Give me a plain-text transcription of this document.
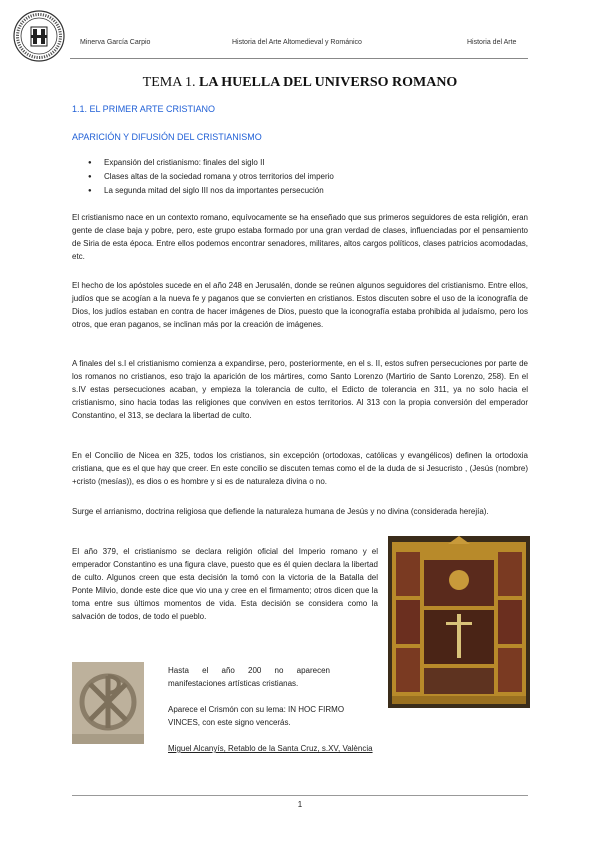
Minerva García Carpio	Historia del Arte Altomedieval y Románico	Historia del Arte
TEMA 1. LA HUELLA DEL UNIVERSO ROMANO
1.1. EL PRIMER ARTE CRISTIANO
APARICIÓN Y DIFUSIÓN DEL CRISTIANISMO
● Expansión del cristianismo: finales del siglo II
● Clases altas de la sociedad romana y otros territorios del imperio
● La segunda mitad del siglo III nos da importantes persecución
El cristianismo nace en un contexto romano, equívocamente se ha enseñado que sus primeros seguidores de esta religión, eran gente de clase baja y pobre, pero, este grupo estaba formado por una gran verdad de clases, influenciadas por el pensamiento de Siria de esta época. Entre ellos podemos encontrar senadores, militares, altos cargos políticos, clases patricios acomodadas, etc.
El hecho de los apóstoles sucede en el año 248 en Jerusalén, donde se reúnen algunos seguidores del cristianismo. Entre ellos, judíos que se acogían a la nueva fe y paganos que se convierten en cristianos. Estos discuten sobre el uso de la iconografía de Dios, los judíos estaban en contra de hacer imágenes de Dios, puesto que la iconografía estaba prohibida al judaísmo, pero los otros, que eran paganos, se inclinan más por la creación de imágenes.
A finales del s.I el cristianismo comienza a expandirse, pero, posteriormente, en el s. II, estos sufren persecuciones por parte de los romanos no cristianos, eso trajo la aparición de los mártires, como Santo Lorenzo (Martirio de Santo Lorenzo, 258). En el s.IV estas persecuciones acaban, y empieza la tolerancia de culto, el Edicto de tolerancia en 311, ya no solo hacia el cristianismo, sino hacia todas las religiones que conviven en estos territorios. Al 313 con la propia conversión del emperador Constantino, el 313, se declara la libertad de culto.
En el Concilio de Nicea en 325, todos los cristianos, sin excepción (ortodoxas, católicas y evangélicos) definen la ortodoxia cristiana, que es el que hay que creer. En este concilio se discuten temas como el de la duda de si Jesucristo , (Jesús (nombre) +cristo (mesías)), es dios o es hombre y si es de naturaleza divina o no.
Surge el arrianismo, doctrina religiosa que defiende la naturaleza humana de Jesús y no divina (considerada herejía).
El año 379, el cristianismo se declara religión oficial del Imperio romano y el emperador Constantino es una figura clave, puesto que es él quien declara la libertad de culto. Algunos creen que esta decisión la tomó con la victoria de la Batalla del Ponte Milvio, donde este dice que vio una y cree en el firmamento; otros dicen que la toma entre sus últimos momentos de vida. Esta decisión se considera como la salvación de todos, de todo el pueblo.
Hasta el año 200 no aparecen manifestaciones artísticas cristianas.
Aparece el Crismón con su lema: IN HOC FIRMO VINCES, con este signo vencerás.
Miguel Alcanyís, Retablo de la Santa Cruz, s.XV, València
1
